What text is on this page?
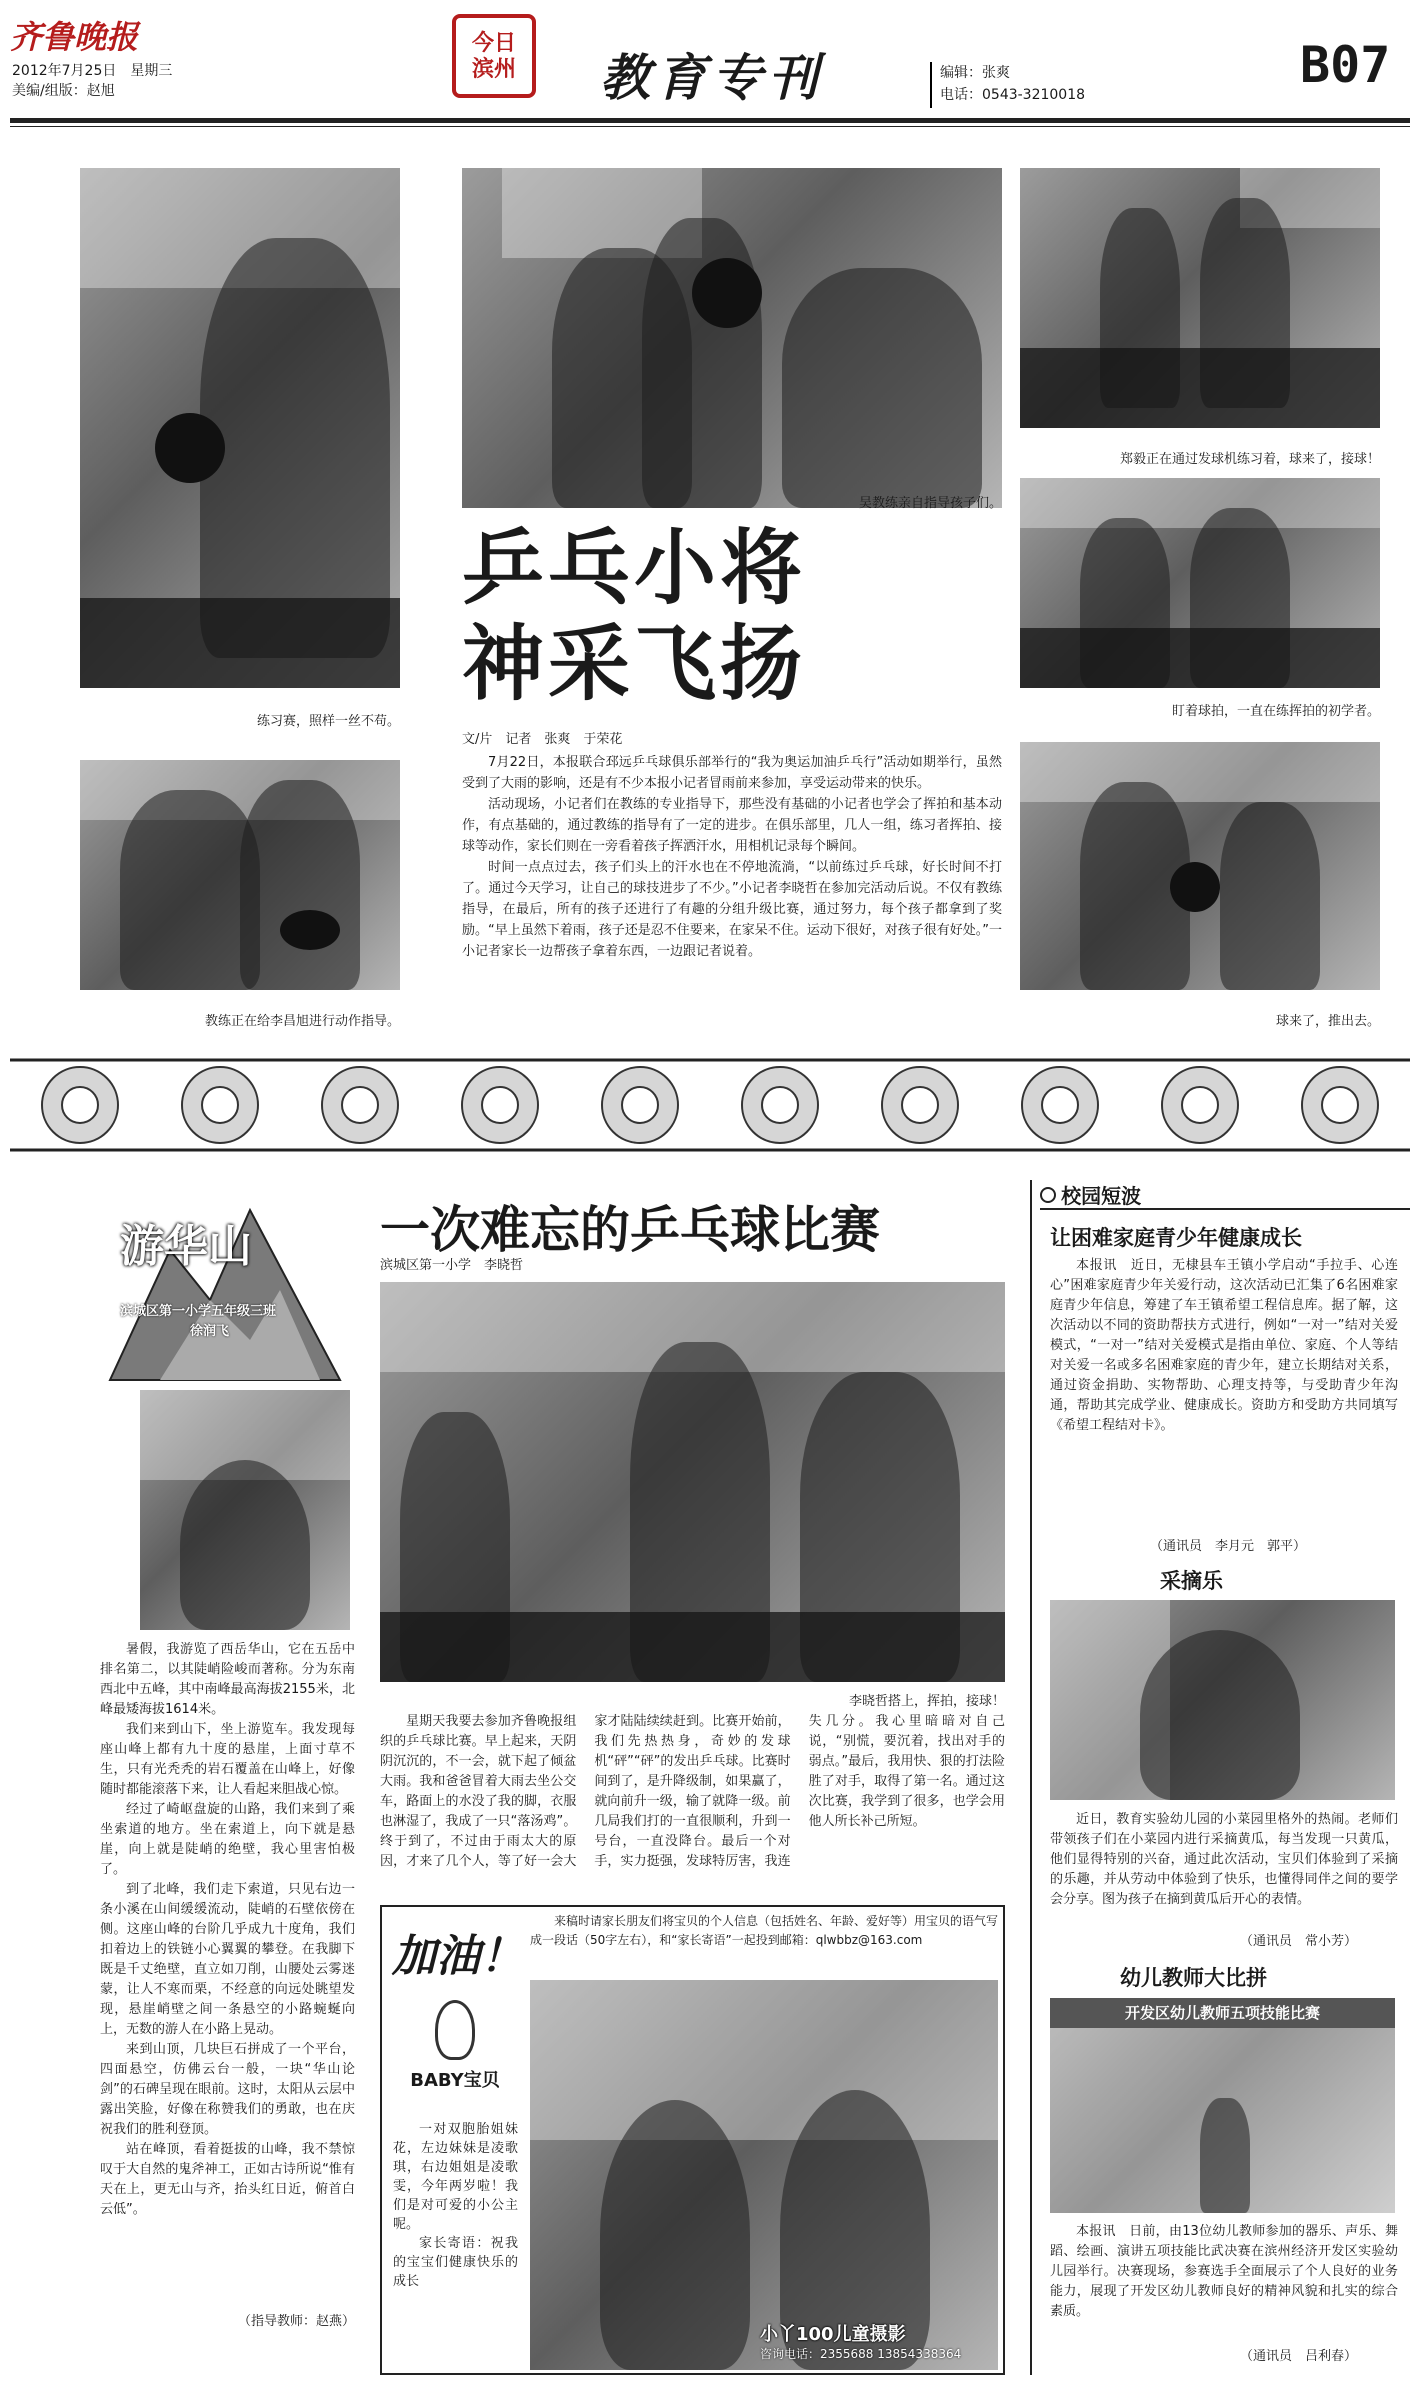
齐鲁晚报
2012年7月25日　星期三
美编/组版：赵旭
今日滨州 教育专刊	编辑：张爽
电话：0543-3210018
B07
练习赛，照样一丝不苟。
吴教练亲自指导孩子们。
郑毅正在通过发球机练习着，球来了，接球！
盯着球拍，一直在练挥拍的初学者。
乒乓小将
神采飞扬
文/片　记者　张爽　于荣花
教练正在给李昌旭进行动作指导。

7月22日，本报联合邳远乒乓球俱乐部举行的“我为奥运加油乒乓行”活动如期举行，虽然受到了大雨的影响，还是有不少本报小记者冒雨前来参加，享受运动带来的快乐。

活动现场，小记者们在教练的专业指导下，那些没有基础的小记者也学会了挥拍和基本动作，有点基础的，通过教练的指导有了一定的进步。在俱乐部里，几人一组，练习者挥拍、接球等动作，家长们则在一旁看着孩子挥洒汗水，用相机记录每个瞬间。

时间一点点过去，孩子们头上的汗水也在不停地流淌，“以前练过乒乓球，好长时间不打了。通过今天学习，让自己的球技进步了不少。”小记者李晓哲在参加完活动后说。不仅有教练指导，在最后，所有的孩子还进行了有趣的分组升级比赛，通过努力，每个孩子都拿到了奖励。“早上虽然下着雨，孩子还是忍不住要来，在家呆不住。运动下很好，对孩子很有好处。”一小记者家长一边帮孩子拿着东西，一边跟记者说着。

球来了，推出去。
游华山
滨城区第一小学五年级三班
徐润飞

暑假，我游览了西岳华山，它在五岳中排名第二，以其陡峭险峻而著称。分为东南西北中五峰，其中南峰最高海拔2155米，北峰最矮海拔1614米。

我们来到山下，坐上游览车。我发现每座山峰上都有九十度的悬崖，上面寸草不生，只有光秃秃的岩石覆盖在山峰上，好像随时都能滚落下来，让人看起来胆战心惊。

经过了崎岖盘旋的山路，我们来到了乘坐索道的地方。坐在索道上，向下就是悬崖，向上就是陡峭的绝壁，我心里害怕极了。

到了北峰，我们走下索道，只见右边一条小溪在山间缓缓流动，陡峭的石壁依傍在侧。这座山峰的台阶几乎成九十度角，我们扣着边上的铁链小心翼翼的攀登。在我脚下既是千丈绝壁，直立如刀削，山腰处云雾迷蒙，让人不寒而栗，不经意的向远处眺望发现，悬崖峭壁之间一条悬空的小路蜿蜒向上，无数的游人在小路上晃动。

来到山顶，几块巨石拼成了一个平台，四面悬空，仿佛云台一般，一块“华山论剑”的石碑呈现在眼前。这时，太阳从云层中露出笑脸，好像在称赞我们的勇敢，也在庆祝我们的胜利登顶。

站在峰顶，看着挺拔的山峰，我不禁惊叹于大自然的鬼斧神工，正如古诗所说“惟有天在上，更无山与齐，抬头红日近，俯首白云低”。

（指导教师：赵燕）
一次难忘的乒乓球比赛
滨城区第一小学　李晓哲
李晓哲搭上，挥拍，接球！

星期天我要去参加齐鲁晚报组织的乒乓球比赛。早上起来，天阴阴沉沉的，不一会，就下起了倾盆大雨。我和爸爸冒着大雨去坐公交车，路面上的水没了我的脚，衣服也淋湿了，我成了一只“落汤鸡”。终于到了，不过由于雨太大的原因，才来了几个人，等了好一会大家才陆陆续续赶到。比赛开始前，我们先热热身，奇妙的发球机“砰”“砰”的发出乒乓球。比赛时间到了，是升降级制，如果赢了，就向前升一级，输了就降一级。前几局我们打的一直很顺利，升到一号台，一直没降台。最后一个对手，实力挺强，发球特厉害，我连失几分。我心里暗暗对自己说，“别慌，要沉着，找出对手的弱点。”最后，我用快、狠的打法险胜了对手，取得了第一名。通过这次比赛，我学到了很多，也学会用他人所长补己所短。

加油！
BABY宝贝
来稿时请家长朋友们将宝贝的个人信息（包括姓名、年龄、爱好等）用宝贝的语气写成一段话（50字左右），和“家长寄语”一起投到邮箱：qlwbbz@163.com

一对双胞胎姐妹花，左边妹妹是凌歌琪，右边姐姐是凌歌雯，今年两岁啦！我们是对可爱的小公主呢。

家长寄语：祝我的宝宝们健康快乐的成长

小丫100儿童摄影
咨询电话：2355688 13854338364
校园短波
让困难家庭青少年健康成长

本报讯　近日，无棣县车王镇小学启动“手拉手、心连心”困难家庭青少年关爱行动，这次活动已汇集了6名困难家庭青少年信息，筹建了车王镇希望工程信息库。据了解，这次活动以不同的资助帮扶方式进行，例如“一对一”结对关爱模式，“一对一”结对关爱模式是指由单位、家庭、个人等结对关爱一名或多名困难家庭的青少年，建立长期结对关系，通过资金捐助、实物帮助、心理支持等，与受助青少年沟通，帮助其完成学业、健康成长。资助方和受助方共同填写《希望工程结对卡》。

（通讯员　李月元　郭平）
采摘乐

近日，教育实验幼儿园的小菜园里格外的热闹。老师们带领孩子们在小菜园内进行采摘黄瓜，每当发现一只黄瓜，他们显得特别的兴奋，通过此次活动，宝贝们体验到了采摘的乐趣，并从劳动中体验到了快乐，也懂得同伴之间的要学会分享。图为孩子在摘到黄瓜后开心的表情。

（通讯员　常小芳）
幼儿教师大比拼
开发区幼儿教师五项技能比赛

本报讯　日前，由13位幼儿教师参加的器乐、声乐、舞蹈、绘画、演讲五项技能比武决赛在滨州经济开发区实验幼儿园举行。决赛现场，参赛选手全面展示了个人良好的业务能力，展现了开发区幼儿教师良好的精神风貌和扎实的综合素质。

（通讯员　吕利春）
